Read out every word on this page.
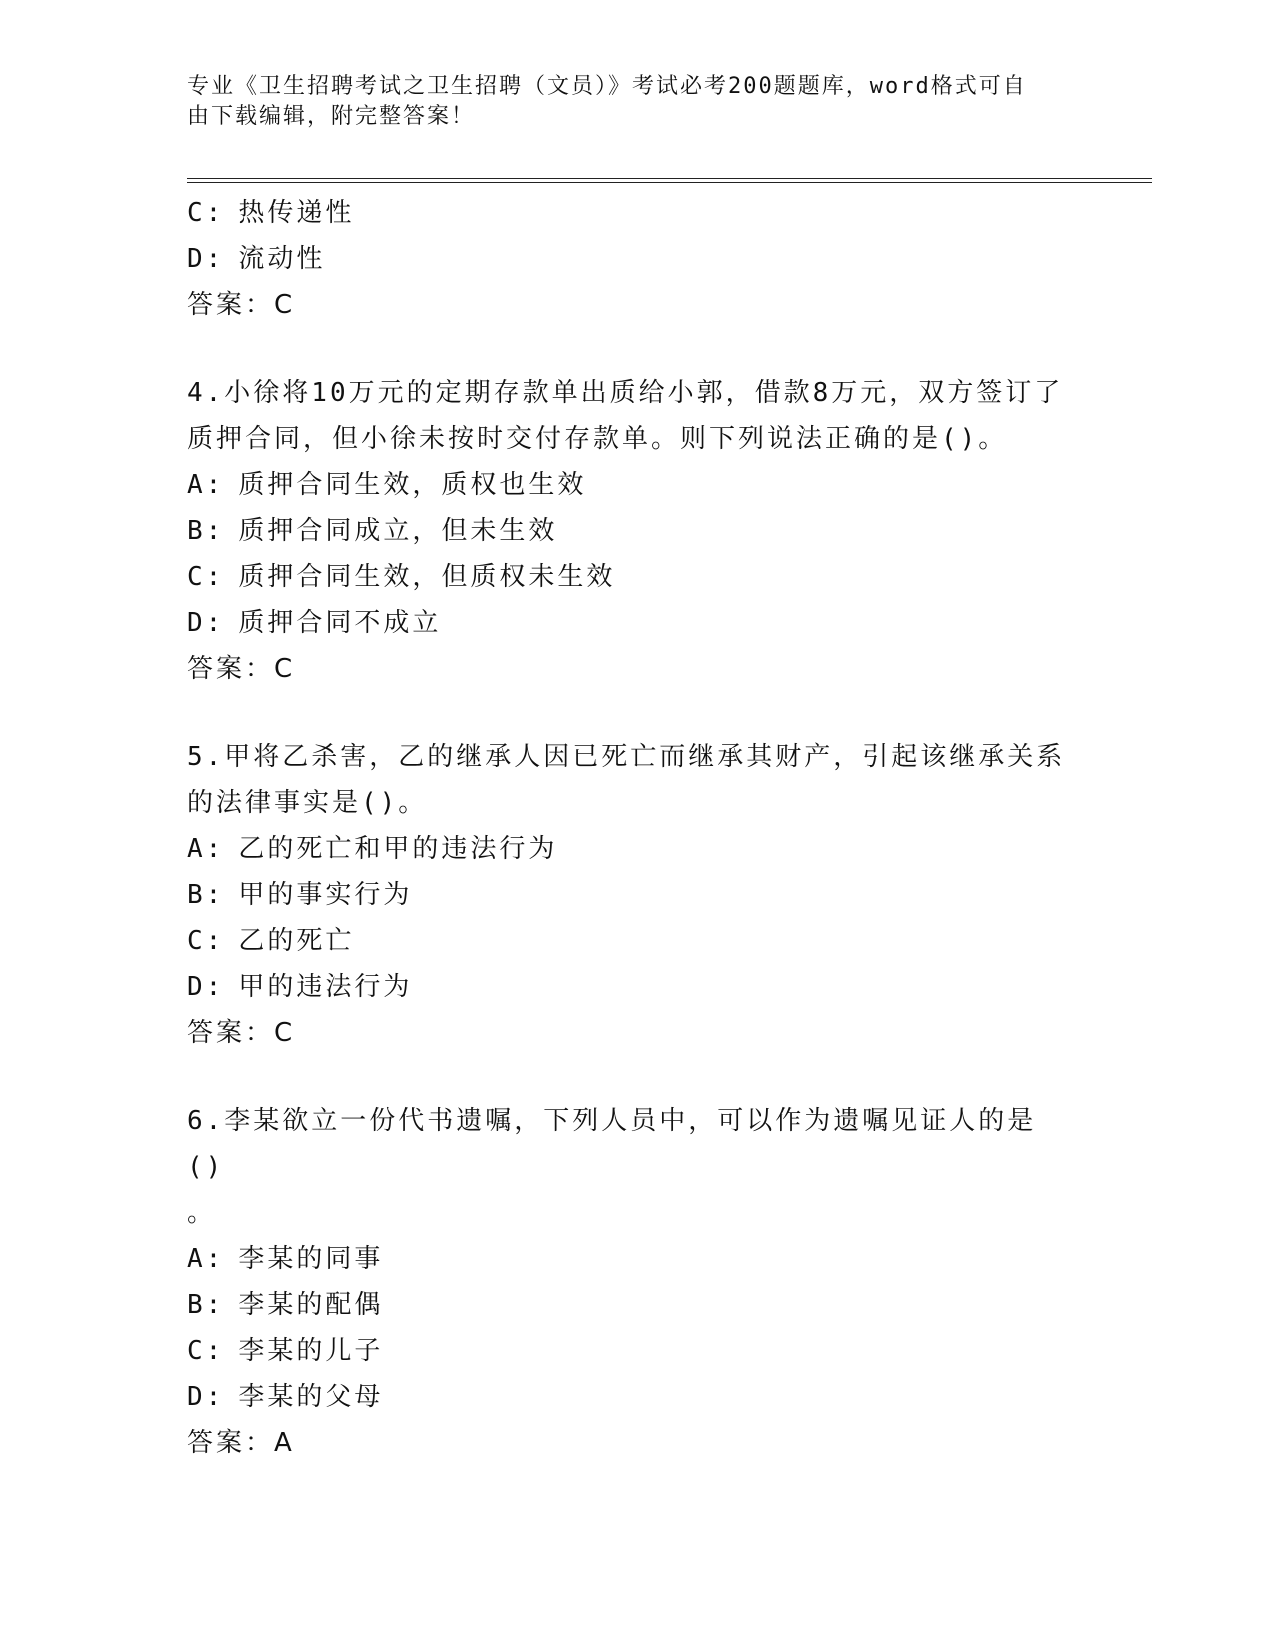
专业《卫生招聘考试之卫生招聘（文员）》考试必考200题题库，word格式可自
由下载编辑，附完整答案！
C: 热传递性
D: 流动性
答案：C
4.小徐将10万元的定期存款单出质给小郭，借款8万元，双方签订了
质押合同，但小徐未按时交付存款单。则下列说法正确的是()。
A: 质押合同生效，质权也生效
B: 质押合同成立，但未生效
C: 质押合同生效，但质权未生效
D: 质押合同不成立
答案：C
5.甲将乙杀害，乙的继承人因已死亡而继承其财产，引起该继承关系
的法律事实是()。
A: 乙的死亡和甲的违法行为
B: 甲的事实行为
C: 乙的死亡
D: 甲的违法行为
答案：C
6.李某欲立一份代书遗嘱，下列人员中，可以作为遗嘱见证人的是()
。
A: 李某的同事
B: 李某的配偶
C: 李某的儿子
D: 李某的父母
答案：A
